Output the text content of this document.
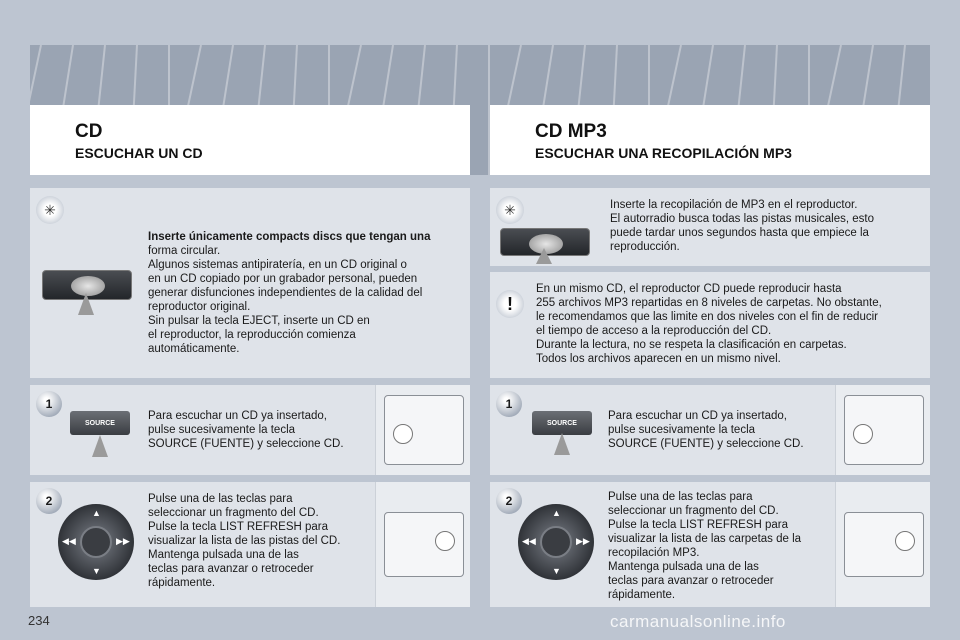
CD
ESCUCHAR UN CD
CD MP3
ESCUCHAR UNA RECOPILACIÓN MP3
✳
Inserte únicamente compacts discs que tengan una
forma circular.
Algunos sistemas antipiratería, en un CD original o
en un CD copiado por un grabador personal, pueden
generar disfunciones independientes de la calidad del
reproductor original.
Sin pulsar la tecla EJECT, inserte un CD en
el reproductor, la reproducción comienza
automáticamente.
1
SOURCE
Para escuchar un CD ya insertado,
pulse sucesivamente la tecla
SOURCE (FUENTE) y seleccione CD.
2
▲
▼
◀◀	▶▶
Pulse una de las teclas para
seleccionar un fragmento del CD.
Pulse la tecla LIST REFRESH para
visualizar la lista de las pistas del CD.
Mantenga pulsada una de las
teclas para avanzar o retroceder
rápidamente.
✳	Inserte la recopilación de MP3 en el reproductor.
El autorradio busca todas las pistas musicales, esto
puede tardar unos segundos hasta que empiece la
reproducción.
!
En un mismo CD, el reproductor CD puede reproducir hasta
255 archivos MP3 repartidas en 8 niveles de carpetas. No obstante,
le recomendamos que las limite en dos niveles con el fin de reducir
el tiempo de acceso a la reproducción del CD.
Durante la lectura, no se respeta la clasificación en carpetas.
Todos los archivos aparecen en un mismo nivel.
1
SOURCE
Para escuchar un CD ya insertado,
pulse sucesivamente la tecla
SOURCE (FUENTE) y seleccione CD.
2
▲
▼
◀◀	▶▶
Pulse una de las teclas para
seleccionar un fragmento del CD.
Pulse la tecla LIST REFRESH para
visualizar la lista de las carpetas de la
recopilación MP3.
Mantenga pulsada una de las
teclas para avanzar o retroceder
rápidamente.
234	carmanualsonline.info
